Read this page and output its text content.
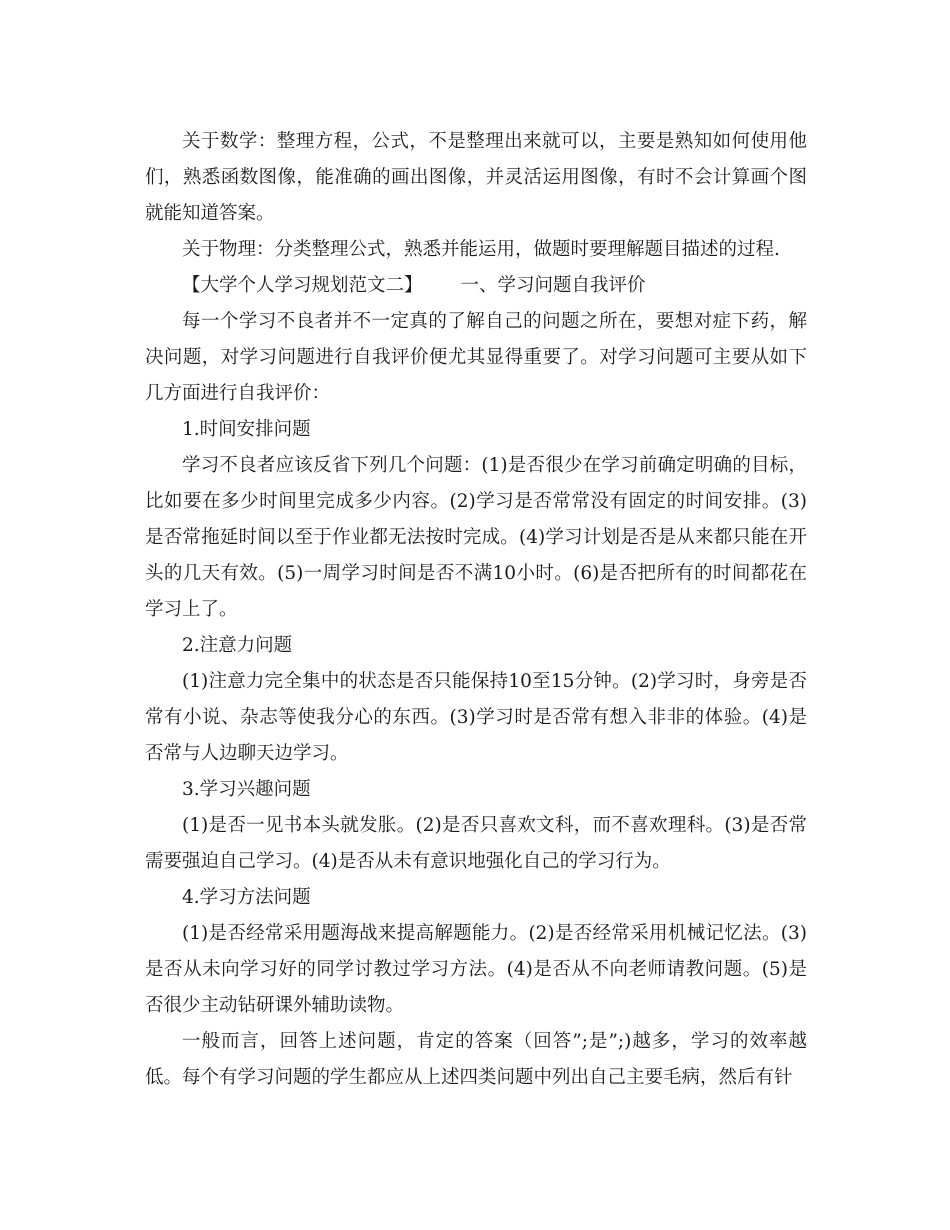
关于数学：整理方程，公式，不是整理出来就可以，主要是熟知如何使用他们，熟悉函数图像，能准确的画出图像，并灵活运用图像，有时不会计算画个图就能知道答案。

关于物理：分类整理公式，熟悉并能运用，做题时要理解题目描述的过程.

【大学个人学习规划范文二】 一、学习问题自我评价

每一个学习不良者并不一定真的了解自己的问题之所在，要想对症下药，解决问题，对学习问题进行自我评价便尤其显得重要了。对学习问题可主要从如下几方面进行自我评价：

1.时间安排问题

学习不良者应该反省下列几个问题：(1)是否很少在学习前确定明确的目标，比如要在多少时间里完成多少内容。(2)学习是否常常没有固定的时间安排。(3)是否常拖延时间以至于作业都无法按时完成。(4)学习计划是否是从来都只能在开头的几天有效。(5)一周学习时间是否不满10小时。(6)是否把所有的时间都花在学习上了。

2.注意力问题

(1)注意力完全集中的状态是否只能保持10至15分钟。(2)学习时，身旁是否常有小说、杂志等使我分心的东西。(3)学习时是否常有想入非非的体验。(4)是否常与人边聊天边学习。

3.学习兴趣问题

(1)是否一见书本头就发胀。(2)是否只喜欢文科，而不喜欢理科。(3)是否常需要强迫自己学习。(4)是否从未有意识地强化自己的学习行为。

4.学习方法问题

(1)是否经常采用题海战来提高解题能力。(2)是否经常采用机械记忆法。(3)是否从未向学习好的同学讨教过学习方法。(4)是否从不向老师请教问题。(5)是否很少主动钻研课外辅助读物。

一般而言，回答上述问题，肯定的答案（回答”;是”;)越多，学习的效率越低。每个有学习问题的学生都应从上述四类问题中列出自己主要毛病，然后有针
